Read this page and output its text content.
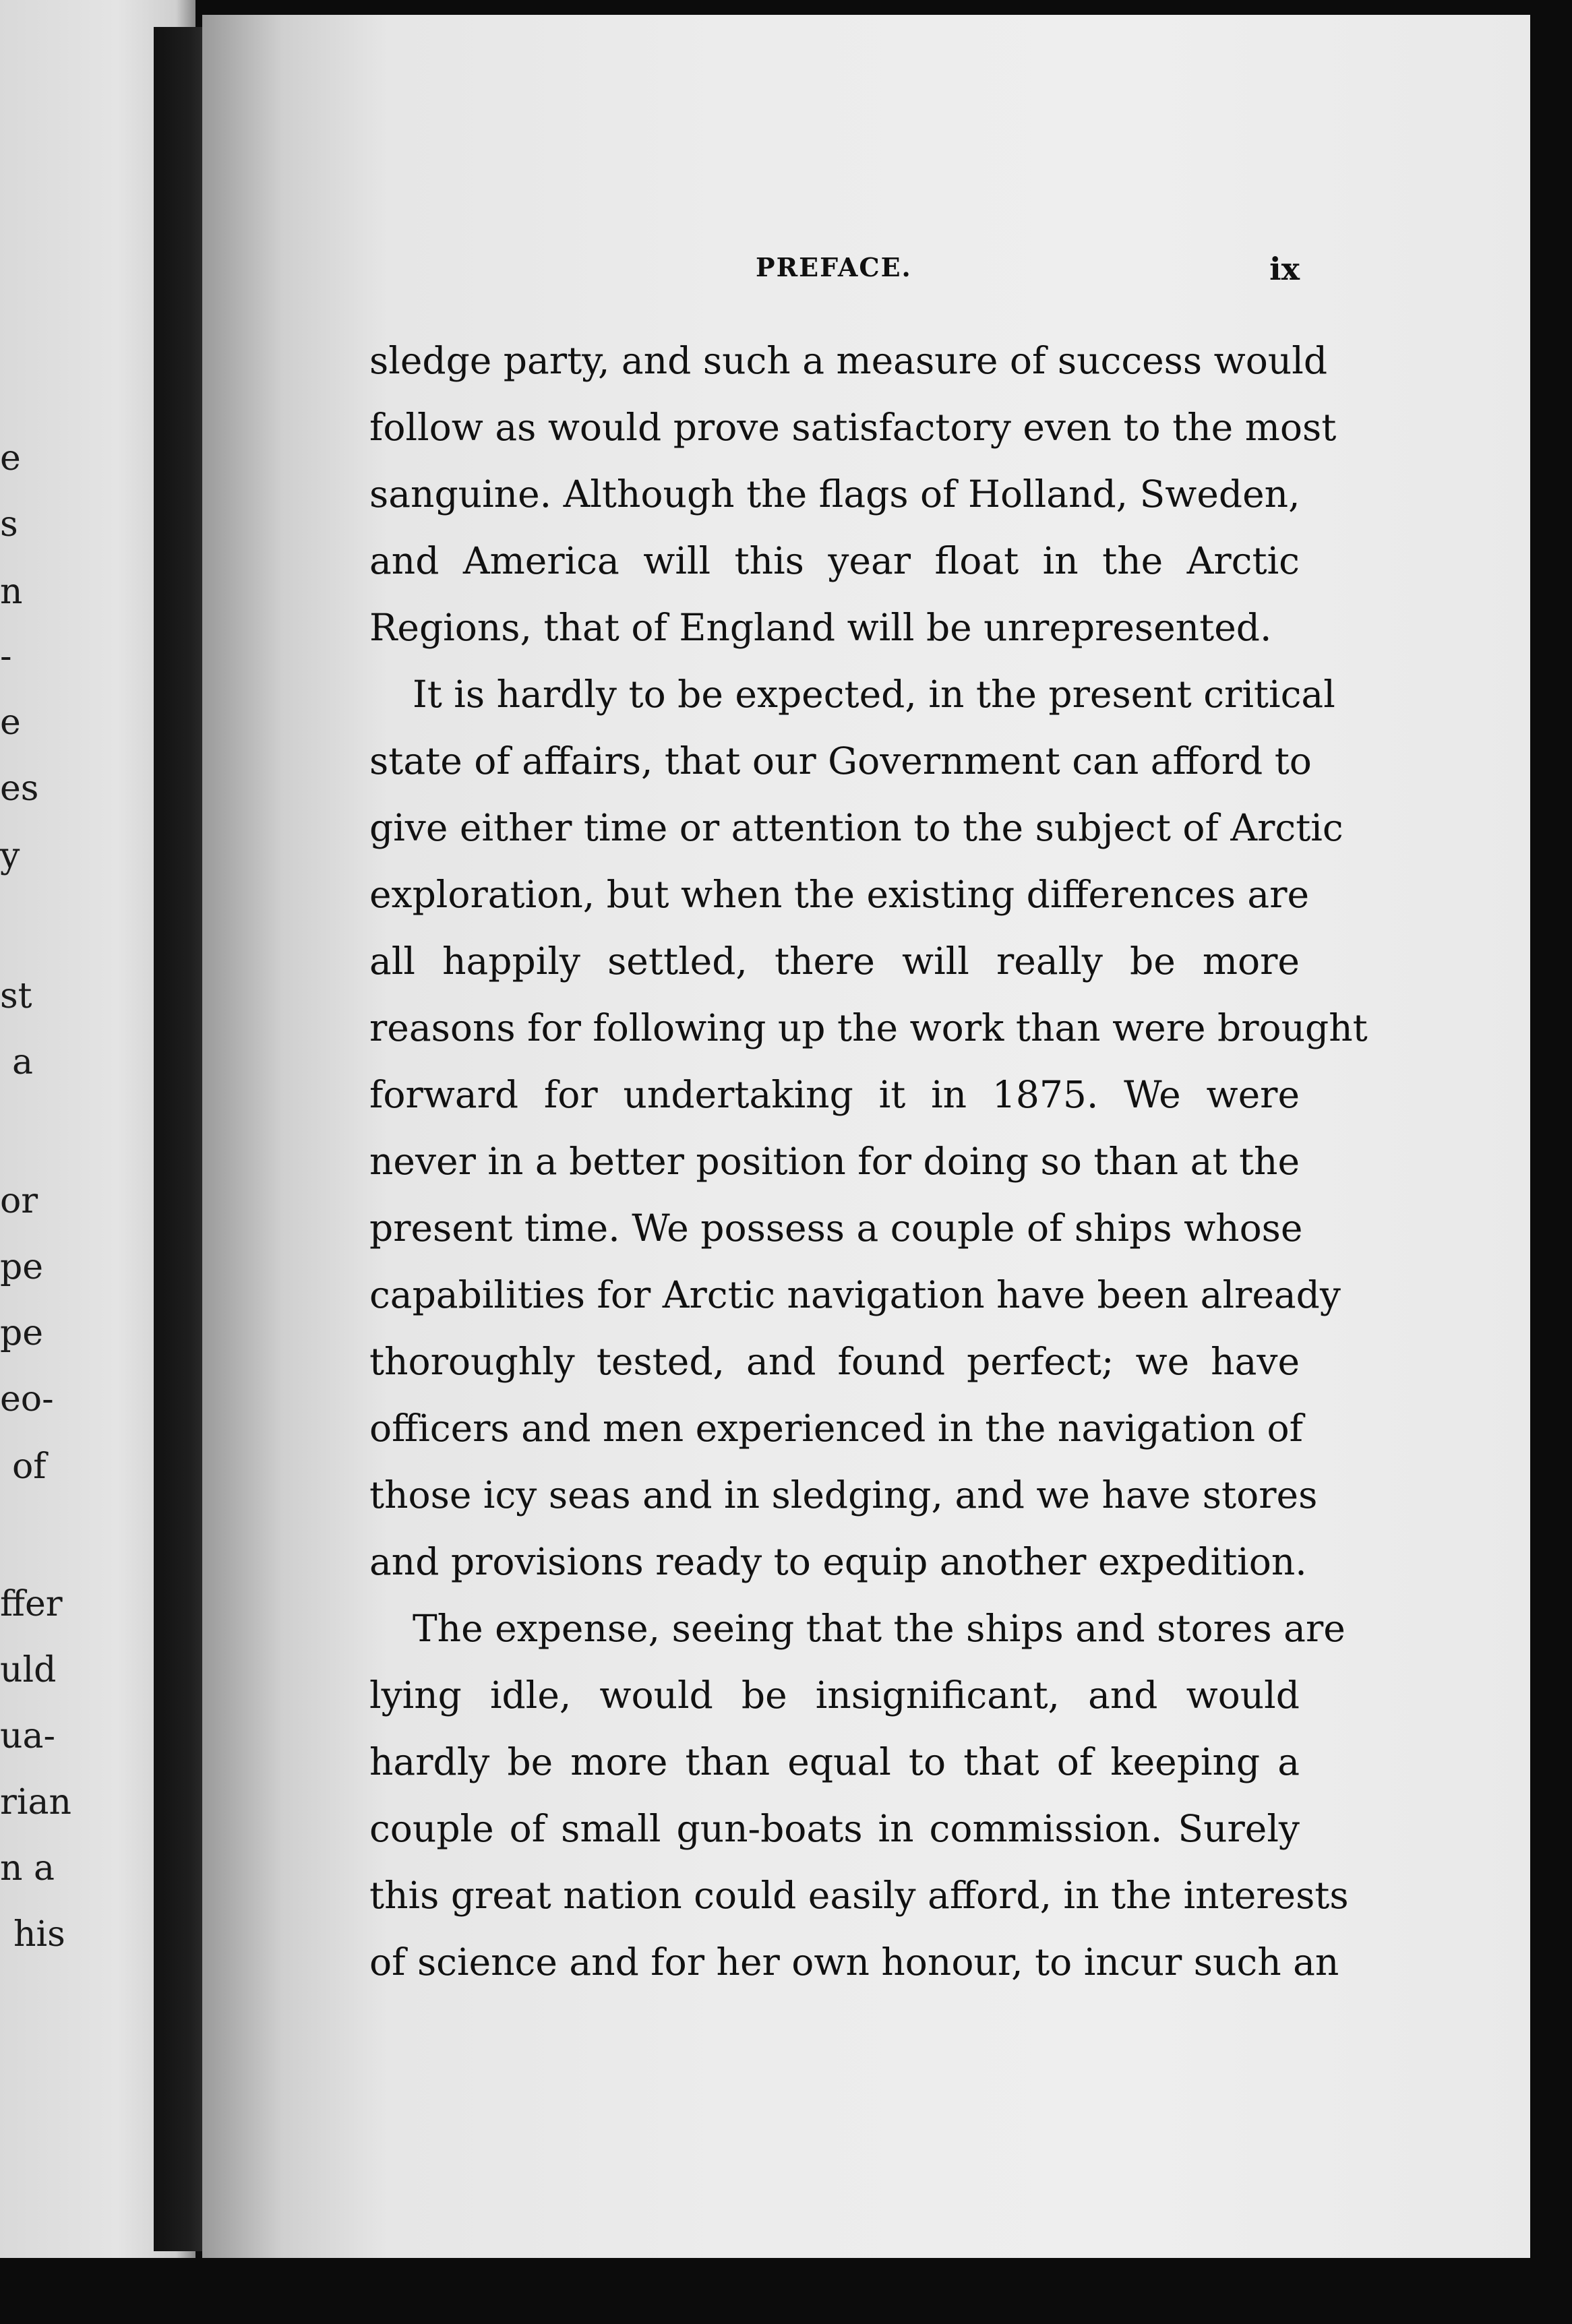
e
s
n
-
e
es
y
st
a
or
pe
pe
eo-
of
ffer
uld
ua-
rian
n a
his
PREFACE.	ix
sledge party, and such a measure of success would
follow as would prove satisfactory even to the most
sanguine. Although the flags of Holland, Sweden,
and America will this year float in the Arctic
Regions, that of England will be unrepresented.
It is hardly to be expected, in the present critical
state of affairs, that our Government can afford to
give either time or attention to the subject of Arctic
exploration, but when the existing differences are
all happily settled, there will really be more
reasons for following up the work than were brought
forward for undertaking it in 1875. We were
never in a better position for doing so than at the
present time. We possess a couple of ships whose
capabilities for Arctic navigation have been already
thoroughly tested, and found perfect; we have
officers and men experienced in the navigation of
those icy seas and in sledging, and we have stores
and provisions ready to equip another expedition.
The expense, seeing that the ships and stores are
lying idle, would be insignificant, and would
hardly be more than equal to that of keeping a
couple of small gun-boats in commission. Surely
this great nation could easily afford, in the interests
of science and for her own honour, to incur such an
